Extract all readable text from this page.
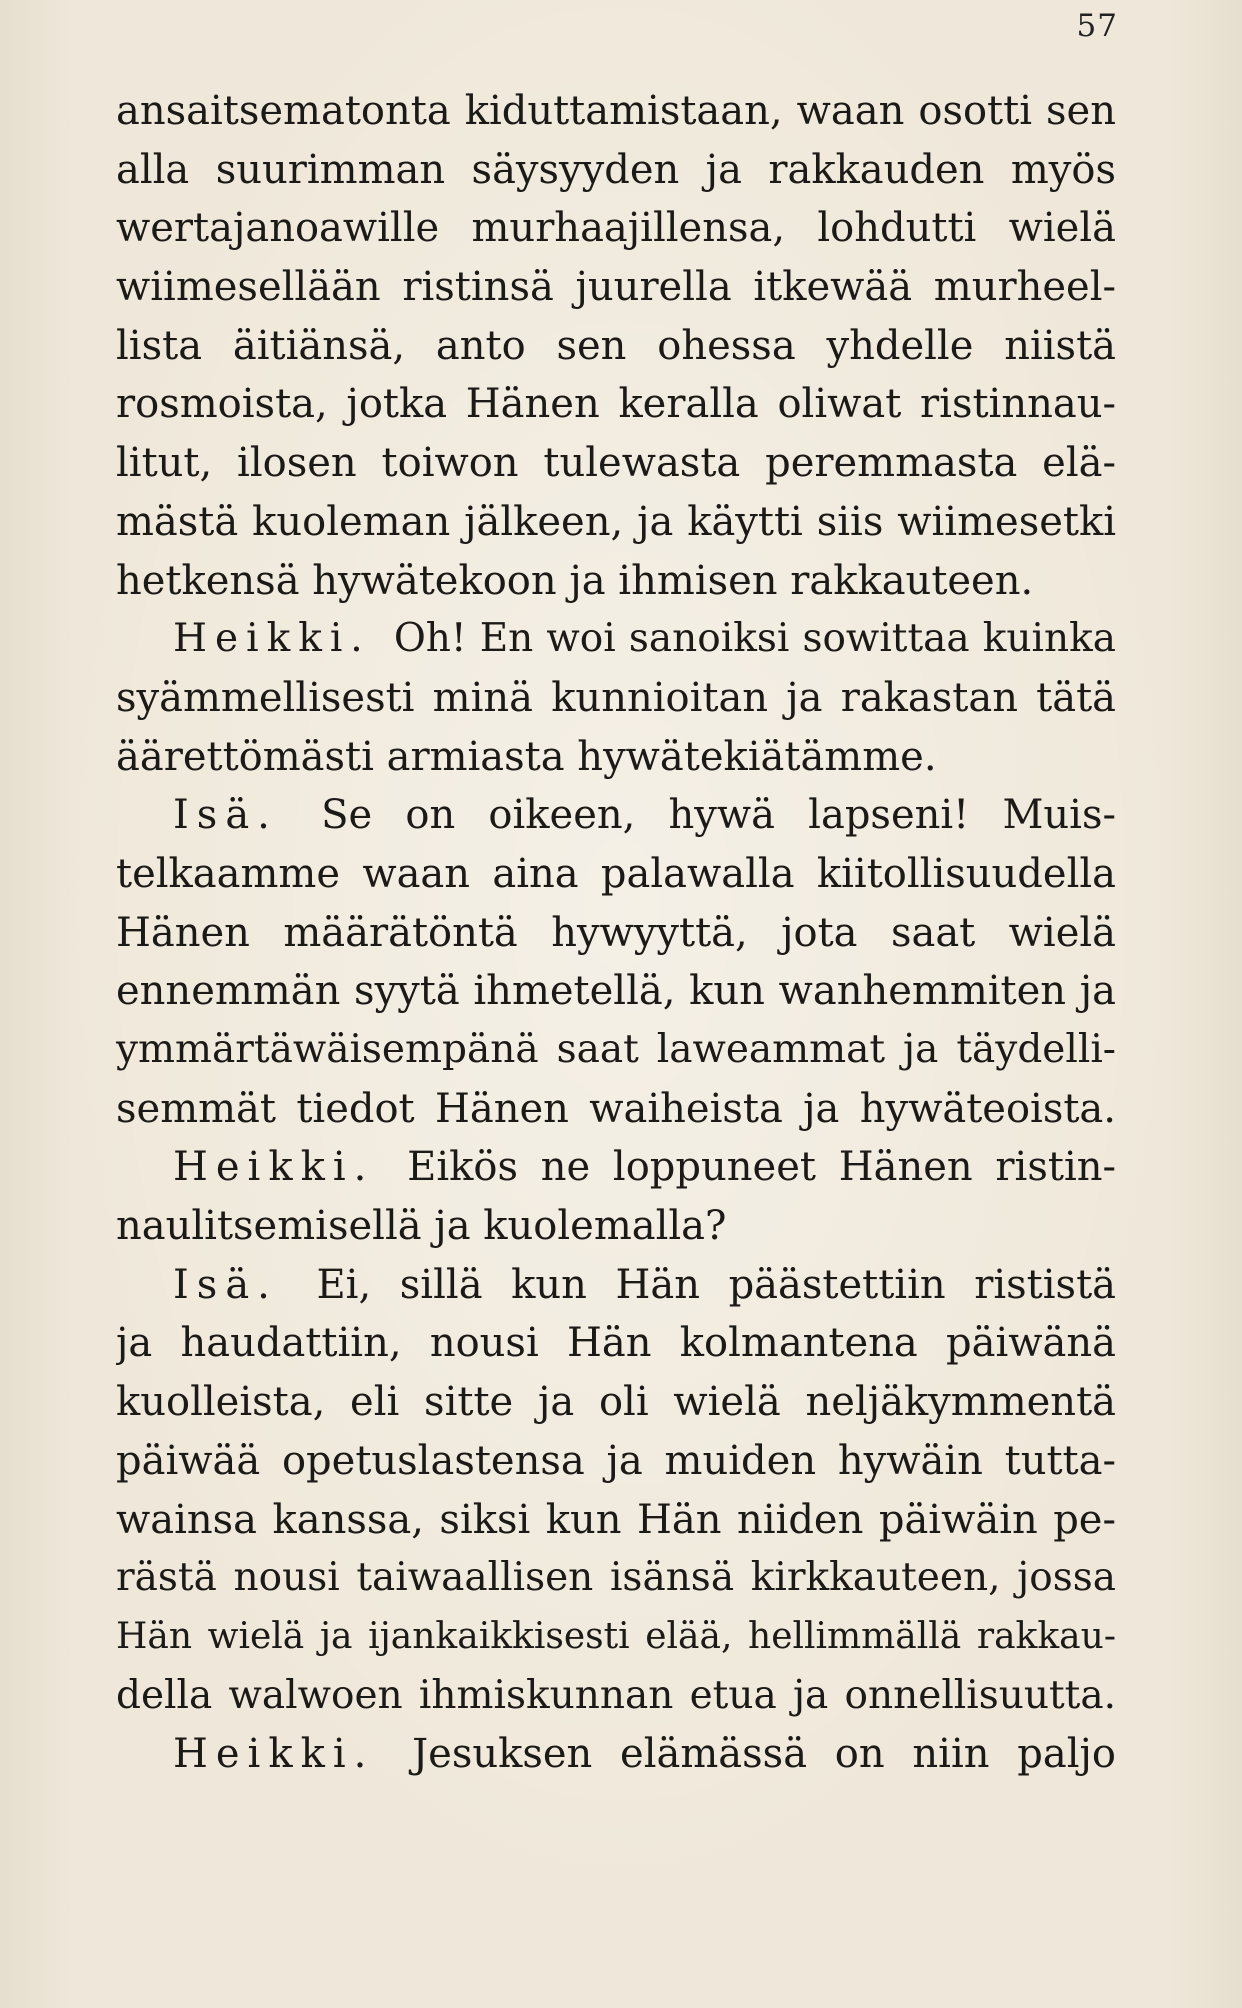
57
ansaitsematonta kiduttamistaan, waan osotti sen
alla suurimman säysyyden ja rakkauden myös
wertajanoawille murhaajillensa, lohdutti wielä
wiimesellään ristinsä juurella itkewää murheel-
lista äitiänsä, anto sen ohessa yhdelle niistä
rosmoista, jotka Hänen keralla oliwat ristinnau-
litut, ilosen toiwon tulewasta peremmasta elä-
mästä kuoleman jälkeen, ja käytti siis wiimesetki
hetkensä hywätekoon ja ihmisen rakkauteen.
Heikki. Oh! En woi sanoiksi sowittaa kuinka
syämmellisesti minä kunnioitan ja rakastan tätä
äärettömästi armiasta hywätekiätämme.
Isä. Se on oikeen, hywä lapseni! Muis-
telkaamme waan aina palawalla kiitollisuudella
Hänen määrätöntä hywyyttä, jota saat wielä
ennemmän syytä ihmetellä, kun wanhemmiten ja
ymmärtäwäisempänä saat laweammat ja täydelli-
semmät tiedot Hänen waiheista ja hywäteoista.
Heikki. Eikös ne loppuneet Hänen ristin-
naulitsemisellä ja kuolemalla?
Isä. Ei, sillä kun Hän päästettiin rististä
ja haudattiin, nousi Hän kolmantena päiwänä
kuolleista, eli sitte ja oli wielä neljäkymmentä
päiwää opetuslastensa ja muiden hywäin tutta-
wainsa kanssa, siksi kun Hän niiden päiwäin pe-
rästä nousi taiwaallisen isänsä kirkkauteen, jossa
Hän wielä ja ijankaikkisesti elää, hellimmällä rakkau-
della walwoen ihmiskunnan etua ja onnellisuutta.
Heikki. Jesuksen elämässä on niin paljo
